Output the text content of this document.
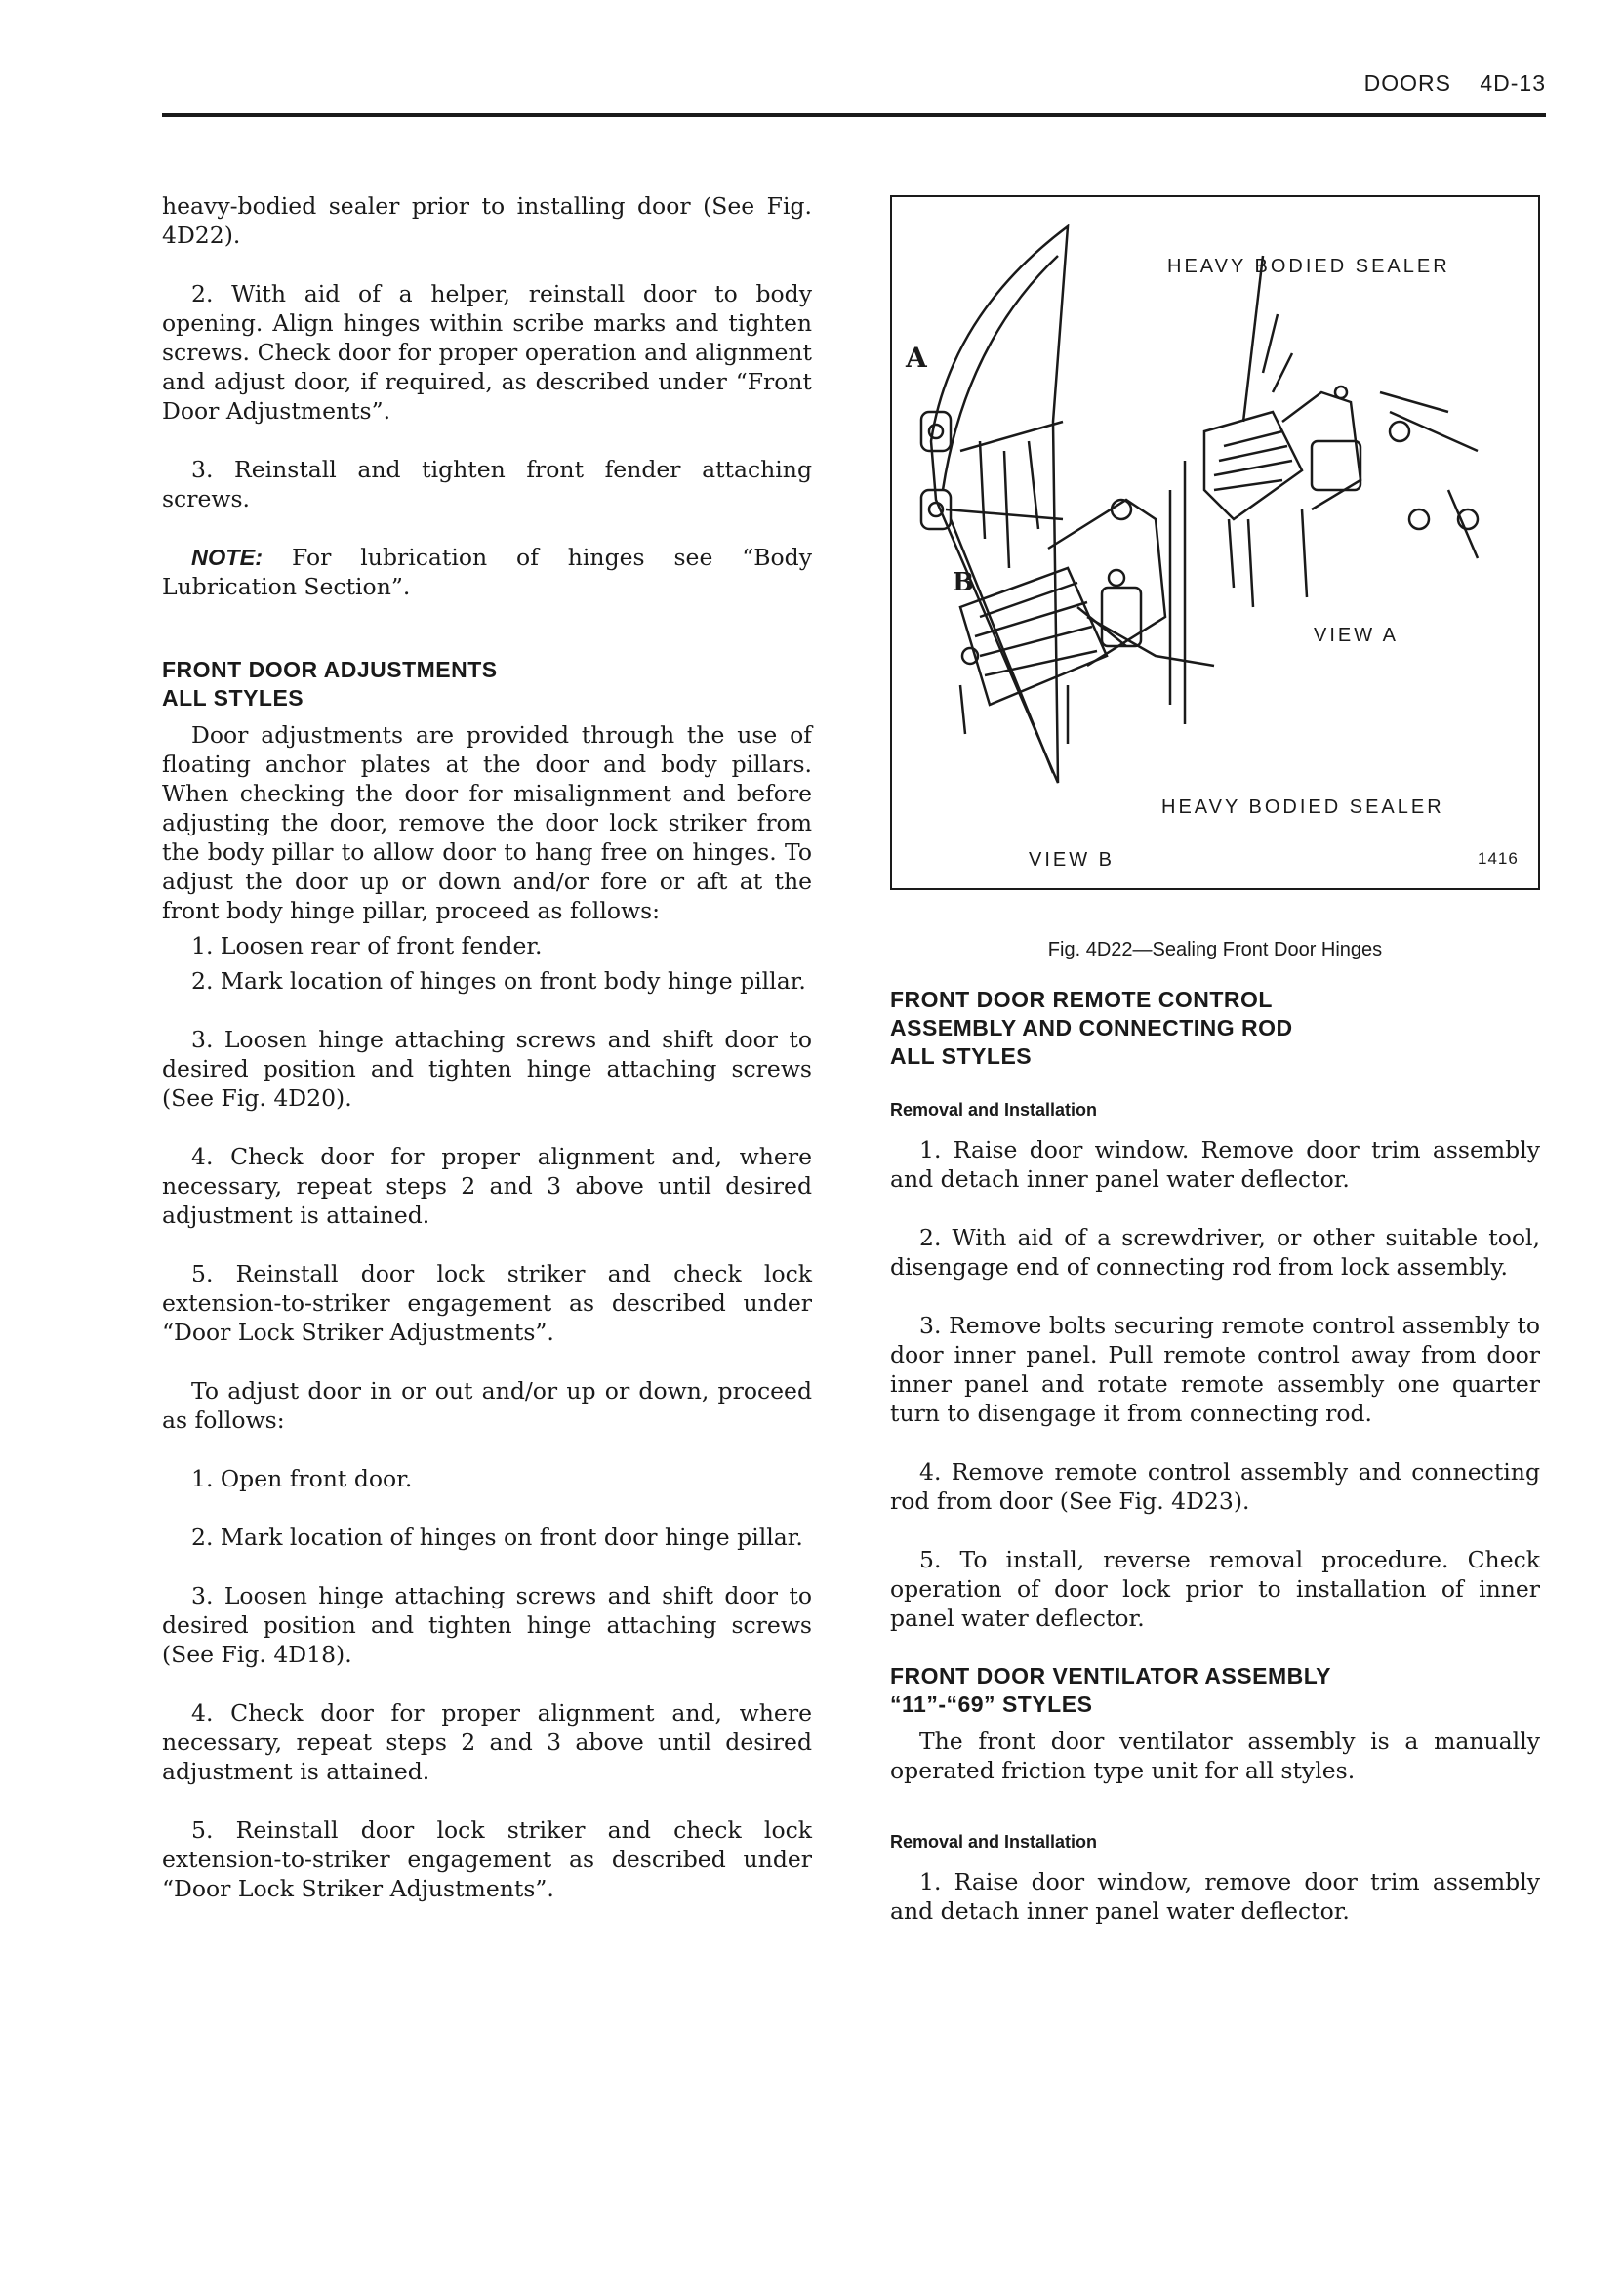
DOORS 4D-13

heavy-bodied sealer prior to installing door (See Fig. 4D22).

2. With aid of a helper, reinstall door to body opening. Align hinges within scribe marks and tighten screws. Check door for proper operation and alignment and adjust door, if required, as described under “Front Door Adjustments”.

3. Reinstall and tighten front fender attaching screws.

NOTE: For lubrication of hinges see “Body Lubrication Section”.

FRONT DOOR ADJUSTMENTS
ALL STYLES

Door adjustments are provided through the use of floating anchor plates at the door and body pillars. When checking the door for misalignment and before adjusting the door, remove the door lock striker from the body pillar to allow door to hang free on hinges. To adjust the door up or down and/or fore or aft at the front body hinge pillar, proceed as follows:

1. Loosen rear of front fender.

2. Mark location of hinges on front body hinge pillar.

3. Loosen hinge attaching screws and shift door to desired position and tighten hinge attaching screws (See Fig. 4D20).

4. Check door for proper alignment and, where necessary, repeat steps 2 and 3 above until desired adjustment is attained.

5. Reinstall door lock striker and check lock extension-to-striker engagement as described under “Door Lock Striker Adjustments”.

To adjust door in or out and/or up or down, proceed as follows:

1. Open front door.

2. Mark location of hinges on front door hinge pillar.

3. Loosen hinge attaching screws and shift door to desired position and tighten hinge attaching screws (See Fig. 4D18).

4. Check door for proper alignment and, where necessary, repeat steps 2 and 3 above until desired adjustment is attained.

5. Reinstall door lock striker and check lock extension-to-striker engagement as described under “Door Lock Striker Adjustments”.

HEAVY BODIED SEALER
VIEW A
HEAVY BODIED SEALER
VIEW B
A
B
1416
Fig. 4D22—Sealing Front Door Hinges
FRONT DOOR REMOTE CONTROL
ASSEMBLY AND CONNECTING ROD
ALL STYLES
Removal and Installation

1. Raise door window. Remove door trim assembly and detach inner panel water deflector.

2. With aid of a screwdriver, or other suitable tool, disengage end of connecting rod from lock assembly.

3. Remove bolts securing remote control assembly to door inner panel. Pull remote control away from door inner panel and rotate remote assembly one quarter turn to disengage it from connecting rod.

4. Remove remote control assembly and connecting rod from door (See Fig. 4D23).

5. To install, reverse removal procedure. Check operation of door lock prior to installation of inner panel water deflector.

FRONT DOOR VENTILATOR ASSEMBLY
“11”-“69” STYLES

The front door ventilator assembly is a manually operated friction type unit for all styles.

Removal and Installation

1. Raise door window, remove door trim assembly and detach inner panel water deflector.
